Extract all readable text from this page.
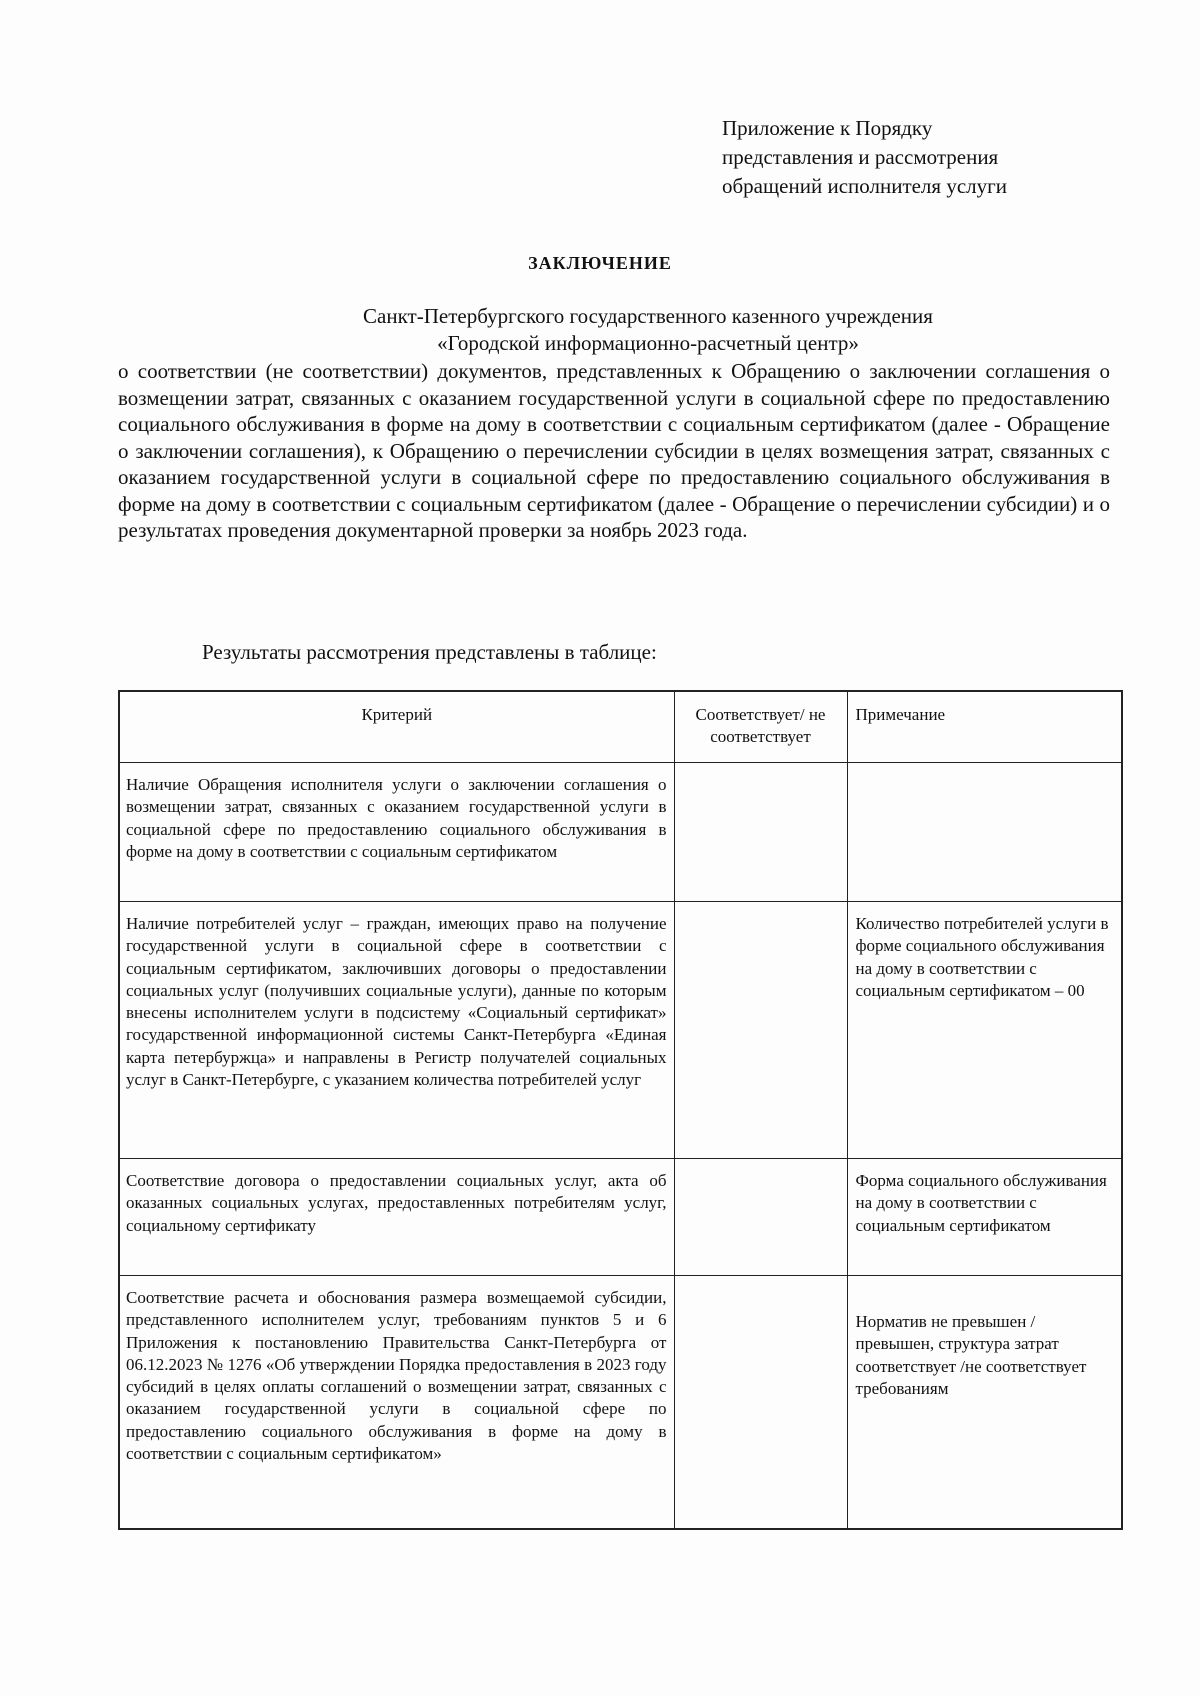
Приложение к Порядку
представления и рассмотрения
обращений исполнителя услуги
ЗАКЛЮЧЕНИЕ
Санкт-Петербургского государственного казенного учреждения
«Городской информационно-расчетный центр»
о соответствии (не соответствии) документов, представленных к Обращению о заключении соглашения о возмещении затрат, связанных с оказанием государственной услуги в социальной сфере по предоставлению социального обслуживания в форме на дому в соответствии с социальным сертификатом (далее - Обращение о заключении соглашения), к Обращению о перечислении субсидии в целях возмещения затрат, связанных с оказанием государственной услуги в социальной сфере по предоставлению социального обслуживания в форме на дому в соответствии с социальным сертификатом (далее - Обращение о перечислении субсидии) и о результатах проведения документарной проверки за ноябрь 2023 года.
Результаты рассмотрения представлены в таблице:
Критерий	Соответствует/ не соответствует	Примечание

Наличие Обращения исполнителя услуги о заключении соглашения о возмещении затрат, связанных с оказанием государственной услуги в социальной сфере по предоставлению социального обслуживания в форме на дому в соответствии с социальным сертификатом		

Наличие потребителей услуг – граждан, имеющих право на получение государственной услуги в социальной сфере в соответствии с социальным сертификатом, заключивших договоры о предоставлении социальных услуг (получивших социальные услуги), данные по которым внесены исполнителем услуги в подсистему «Социальный сертификат» государственной информационной системы Санкт-Петербурга «Единая карта петербуржца» и направлены в Регистр получателей социальных услуг в Санкт-Петербурге, с указанием количества потребителей услуг		Количество потребителей услуги в форме социального обслуживания на дому в соответствии с социальным сертификатом – 00

Соответствие договора о предоставлении социальных услуг, акта об оказанных социальных услугах, предоставленных потребителям услуг, социальному сертификату		Форма социального обслуживания на дому в соответствии с социальным сертификатом

Соответствие расчета и обоснования размера возмещаемой субсидии, представленного исполнителем услуг, требованиям пунктов 5 и 6 Приложения к постановлению Правительства Санкт-Петербурга от 06.12.2023 № 1276 «Об утверждении Порядка предоставления в 2023 году субсидий в целях оплаты соглашений о возмещении затрат, связанных с оказанием государственной услуги в социальной сфере по предоставлению социального обслуживания в форме на дому в соответствии с социальным сертификатом»		Норматив не превышен / превышен, структура затрат соответствует /не соответствует требованиям
